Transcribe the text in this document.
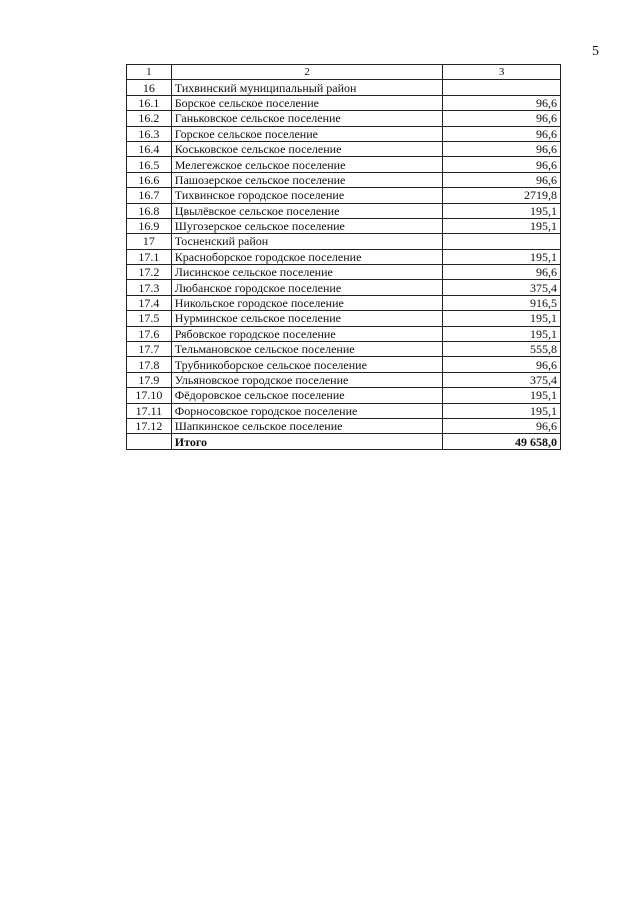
5
1	2	3
16	Тихвинский муниципальный район	
16.1	Борское сельское поселение	96,6
16.2	Ганьковское сельское поселение	96,6
16.3	Горское сельское поселение	96,6
16.4	Коськовское сельское поселение	96,6
16.5	Мелегежское сельское поселение	96,6
16.6	Пашозерское сельское поселение	96,6
16.7	Тихвинское городское поселение	2719,8
16.8	Цвылёвское сельское поселение	195,1
16.9	Шугозерское сельское поселение	195,1
17	Тосненский район	
17.1	Красноборское городское поселение	195,1
17.2	Лисинское сельское поселение	96,6
17.3	Любанское городское поселение	375,4
17.4	Никольское городское поселение	916,5
17.5	Нурминское сельское поселение	195,1
17.6	Рябовское городское поселение	195,1
17.7	Тельмановское сельское поселение	555,8
17.8	Трубникоборское сельское поселение	96,6
17.9	Ульяновское городское поселение	375,4
17.10	Фёдоровское сельское поселение	195,1
17.11	Форносовское городское поселение	195,1
17.12	Шапкинское сельское поселение	96,6
	Итого	49 658,0
